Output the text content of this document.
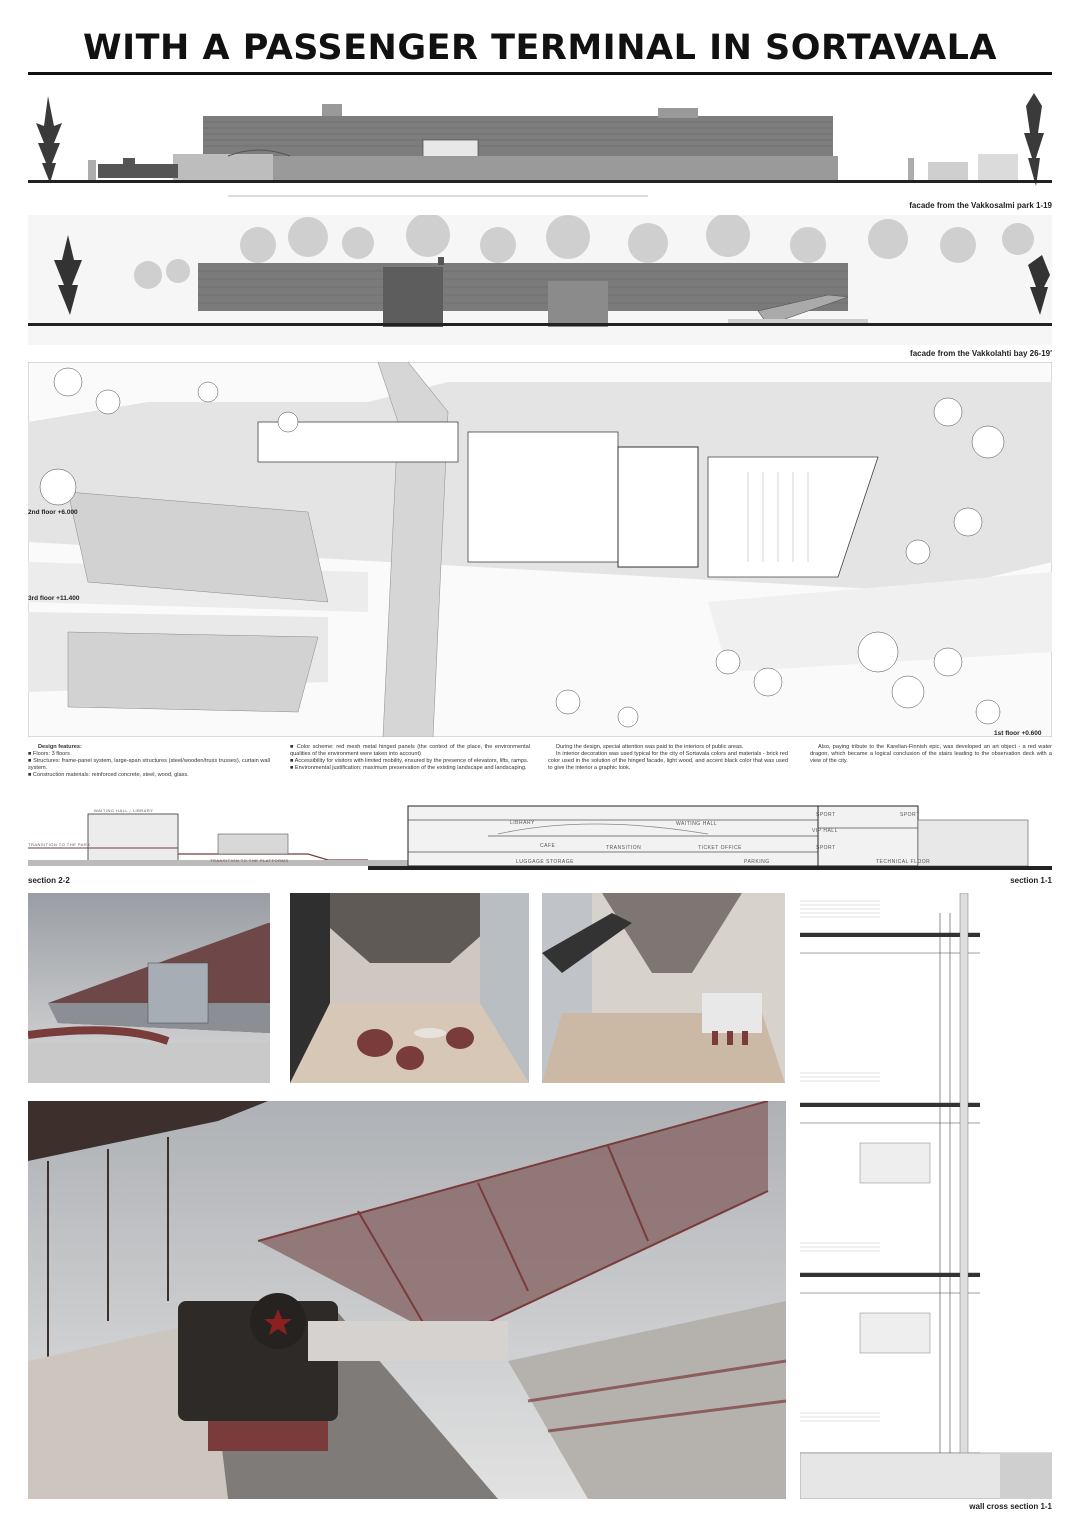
WITH A PASSENGER TERMINAL IN SORTAVALA
facade from the Vakkosalmi park 1-19
facade from the Vakkolahti bay 26-19'
2nd floor +6.000
3rd floor +11.400
1st floor +0.600
Design features:
■ Floors: 3 floors
■ Structures: frame-panel system, large-span structures (steel/wooden/truss trusses), curtain wall system.
■ Construction materials: reinforced concrete, steel, wood, glass.
■ Color scheme: red mesh metal hinged panels (the context of the place, the environmental qualities of the environment were taken into account)
■ Accessibility for visitors with limited mobility, ensured by the presence of elevators, lifts, ramps.
■ Environmental justification: maximum preservation of the existing landscape and landscaping.
During the design, special attention was paid to the interiors of public areas.
In interior decoration was used typical for the city of Sortavala colors and materials - brick red color used in the solution of the hinged facade, light wood, and accent black color that was used to give the interior a graphic look.
Also, paying tribute to the Karelian-Finnish epic, was developed an art object - a red water dragon, which became a logical conclusion of the stairs leading to the observation deck with a view of the city.
LIBRARY	WAITING HALL
SPORT	SPORT
VIP HALL
SPORT
CAFE	TRANSITION	TICKET OFFICE
LUGGAGE STORAGE	PARKING	TECHNICAL FLOOR
TRANSITION TO THE PLATFORMS
TRANSITION TO THE PARK
WAITING HALL / LIBRARY
section 2-2	section 1-1
wall cross section 1-1
